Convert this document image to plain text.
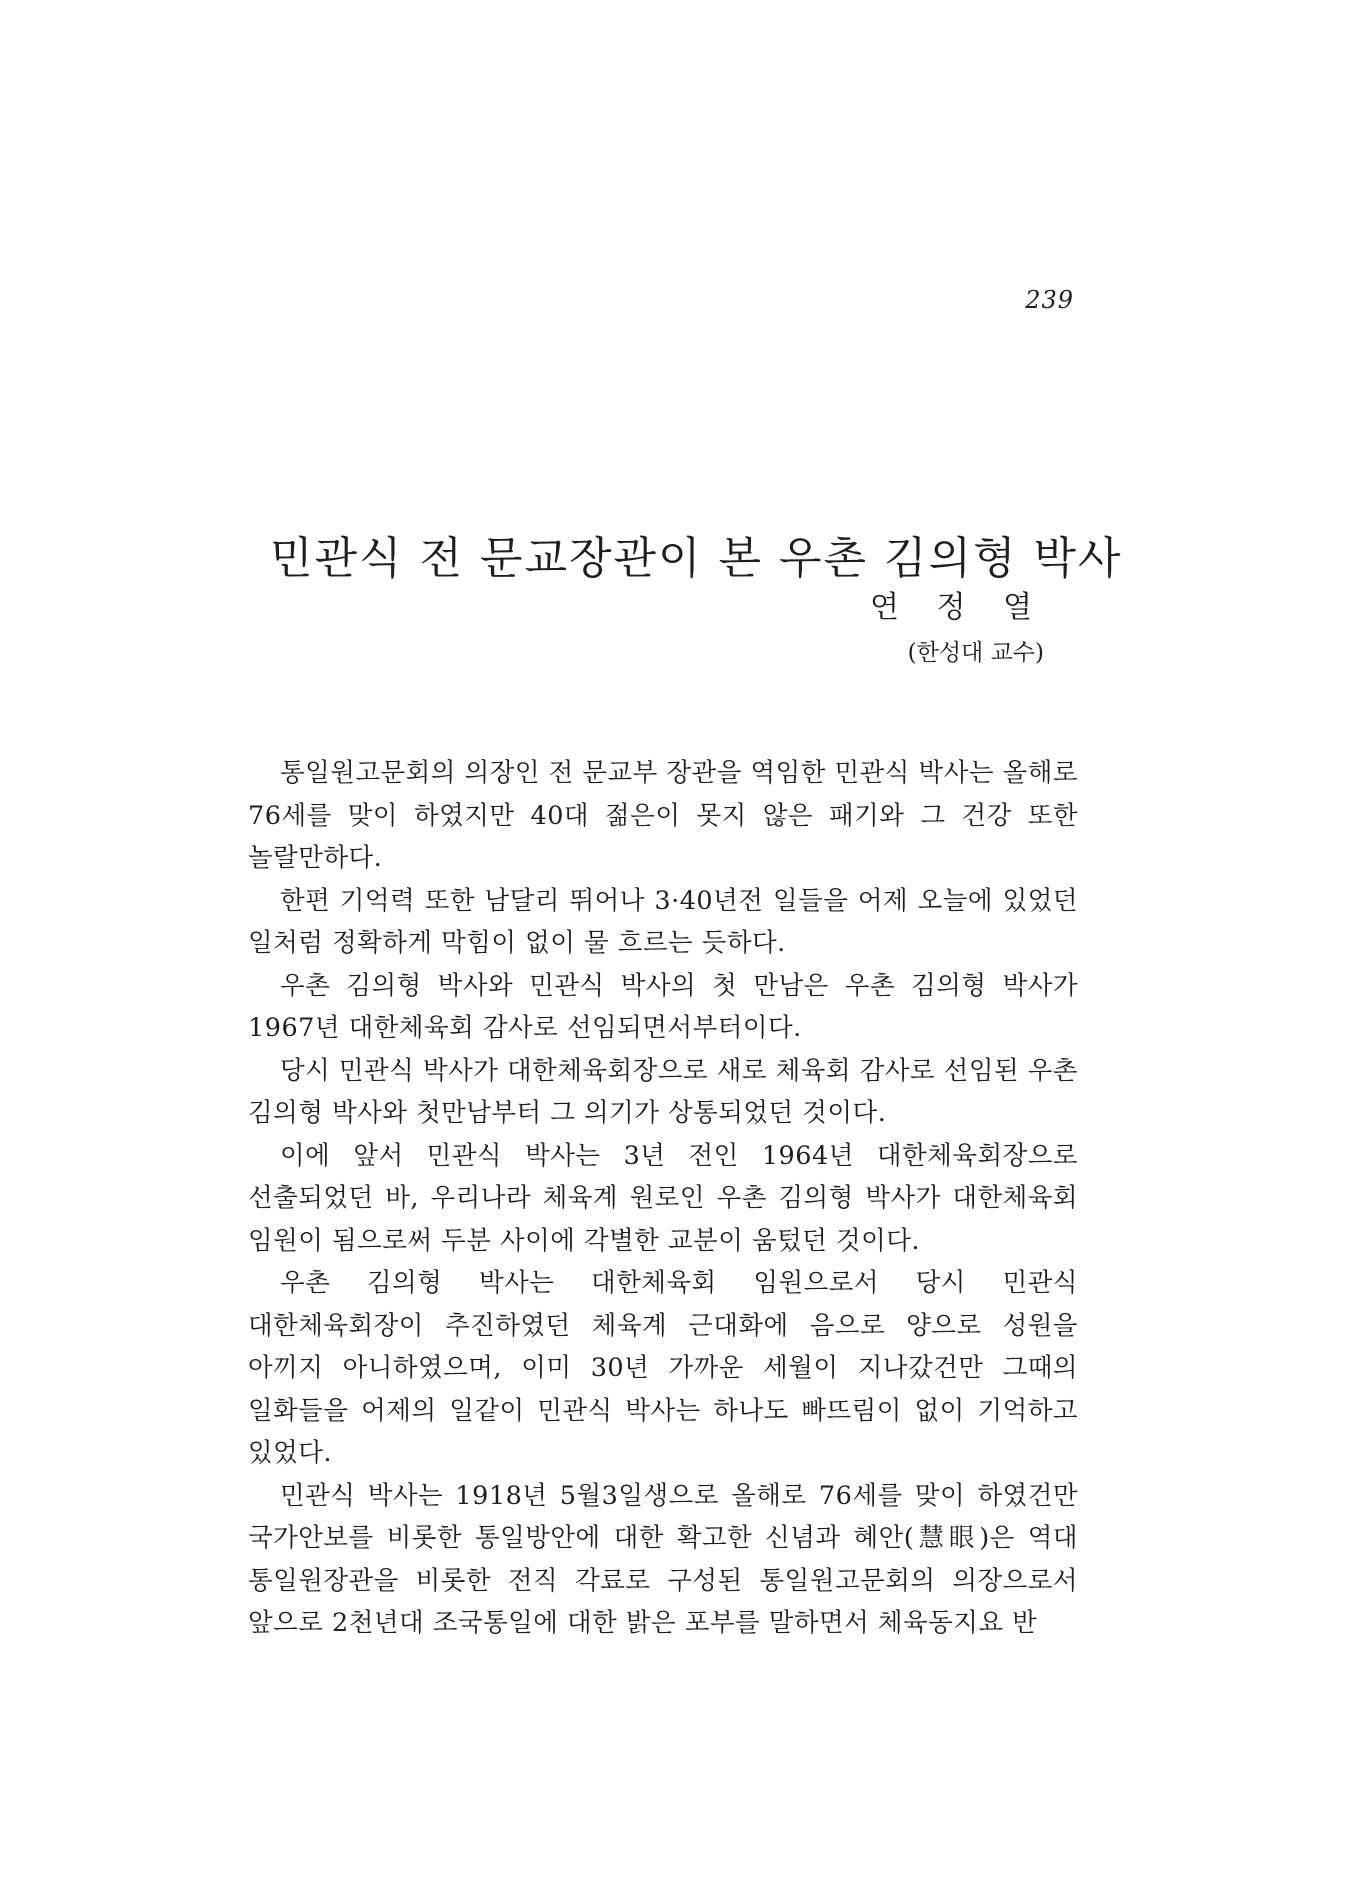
239
민관식 전 문교장관이 본 우촌 김의형 박사
연 정 열
(한성대 교수)

통일원고문회의 의장인 전 문교부 장관을 역임한 민관식 박사는 올해로 76세를 맞이 하였지만 40대 젊은이 못지 않은 패기와 그 건강 또한 놀랄만하다.

한편 기억력 또한 남달리 뛰어나 3·40년전 일들을 어제 오늘에 있었던 일처럼 정확하게 막힘이 없이 물 흐르는 듯하다.

우촌 김의형 박사와 민관식 박사의 첫 만남은 우촌 김의형 박사가 1967년 대한체육회 감사로 선임되면서부터이다.

당시 민관식 박사가 대한체육회장으로 새로 체육회 감사로 선임된 우촌 김의형 박사와 첫만남부터 그 의기가 상통되었던 것이다.

이에 앞서 민관식 박사는 3년 전인 1964년 대한체육회장으로 선출되었던 바, 우리나라 체육계 원로인 우촌 김의형 박사가 대한체육회 임원이 됨으로써 두분 사이에 각별한 교분이 움텄던 것이다.

우촌 김의형 박사는 대한체육회 임원으로서 당시 민관식 대한체육회장이 추진하였던 체육계 근대화에 음으로 양으로 성원을 아끼지 아니하였으며, 이미 30년 가까운 세월이 지나갔건만 그때의 일화들을 어제의 일같이 민관식 박사는 하나도 빠뜨림이 없이 기억하고 있었다.

민관식 박사는 1918년 5월3일생으로 올해로 76세를 맞이 하였건만 국가안보를 비롯한 통일방안에 대한 확고한 신념과 혜안(慧眼)은 역대 통일원장관을 비롯한 전직 각료로 구성된 통일원고문회의 의장으로서 앞으로 2천년대 조국통일에 대한 밝은 포부를 말하면서 체육동지요 반
